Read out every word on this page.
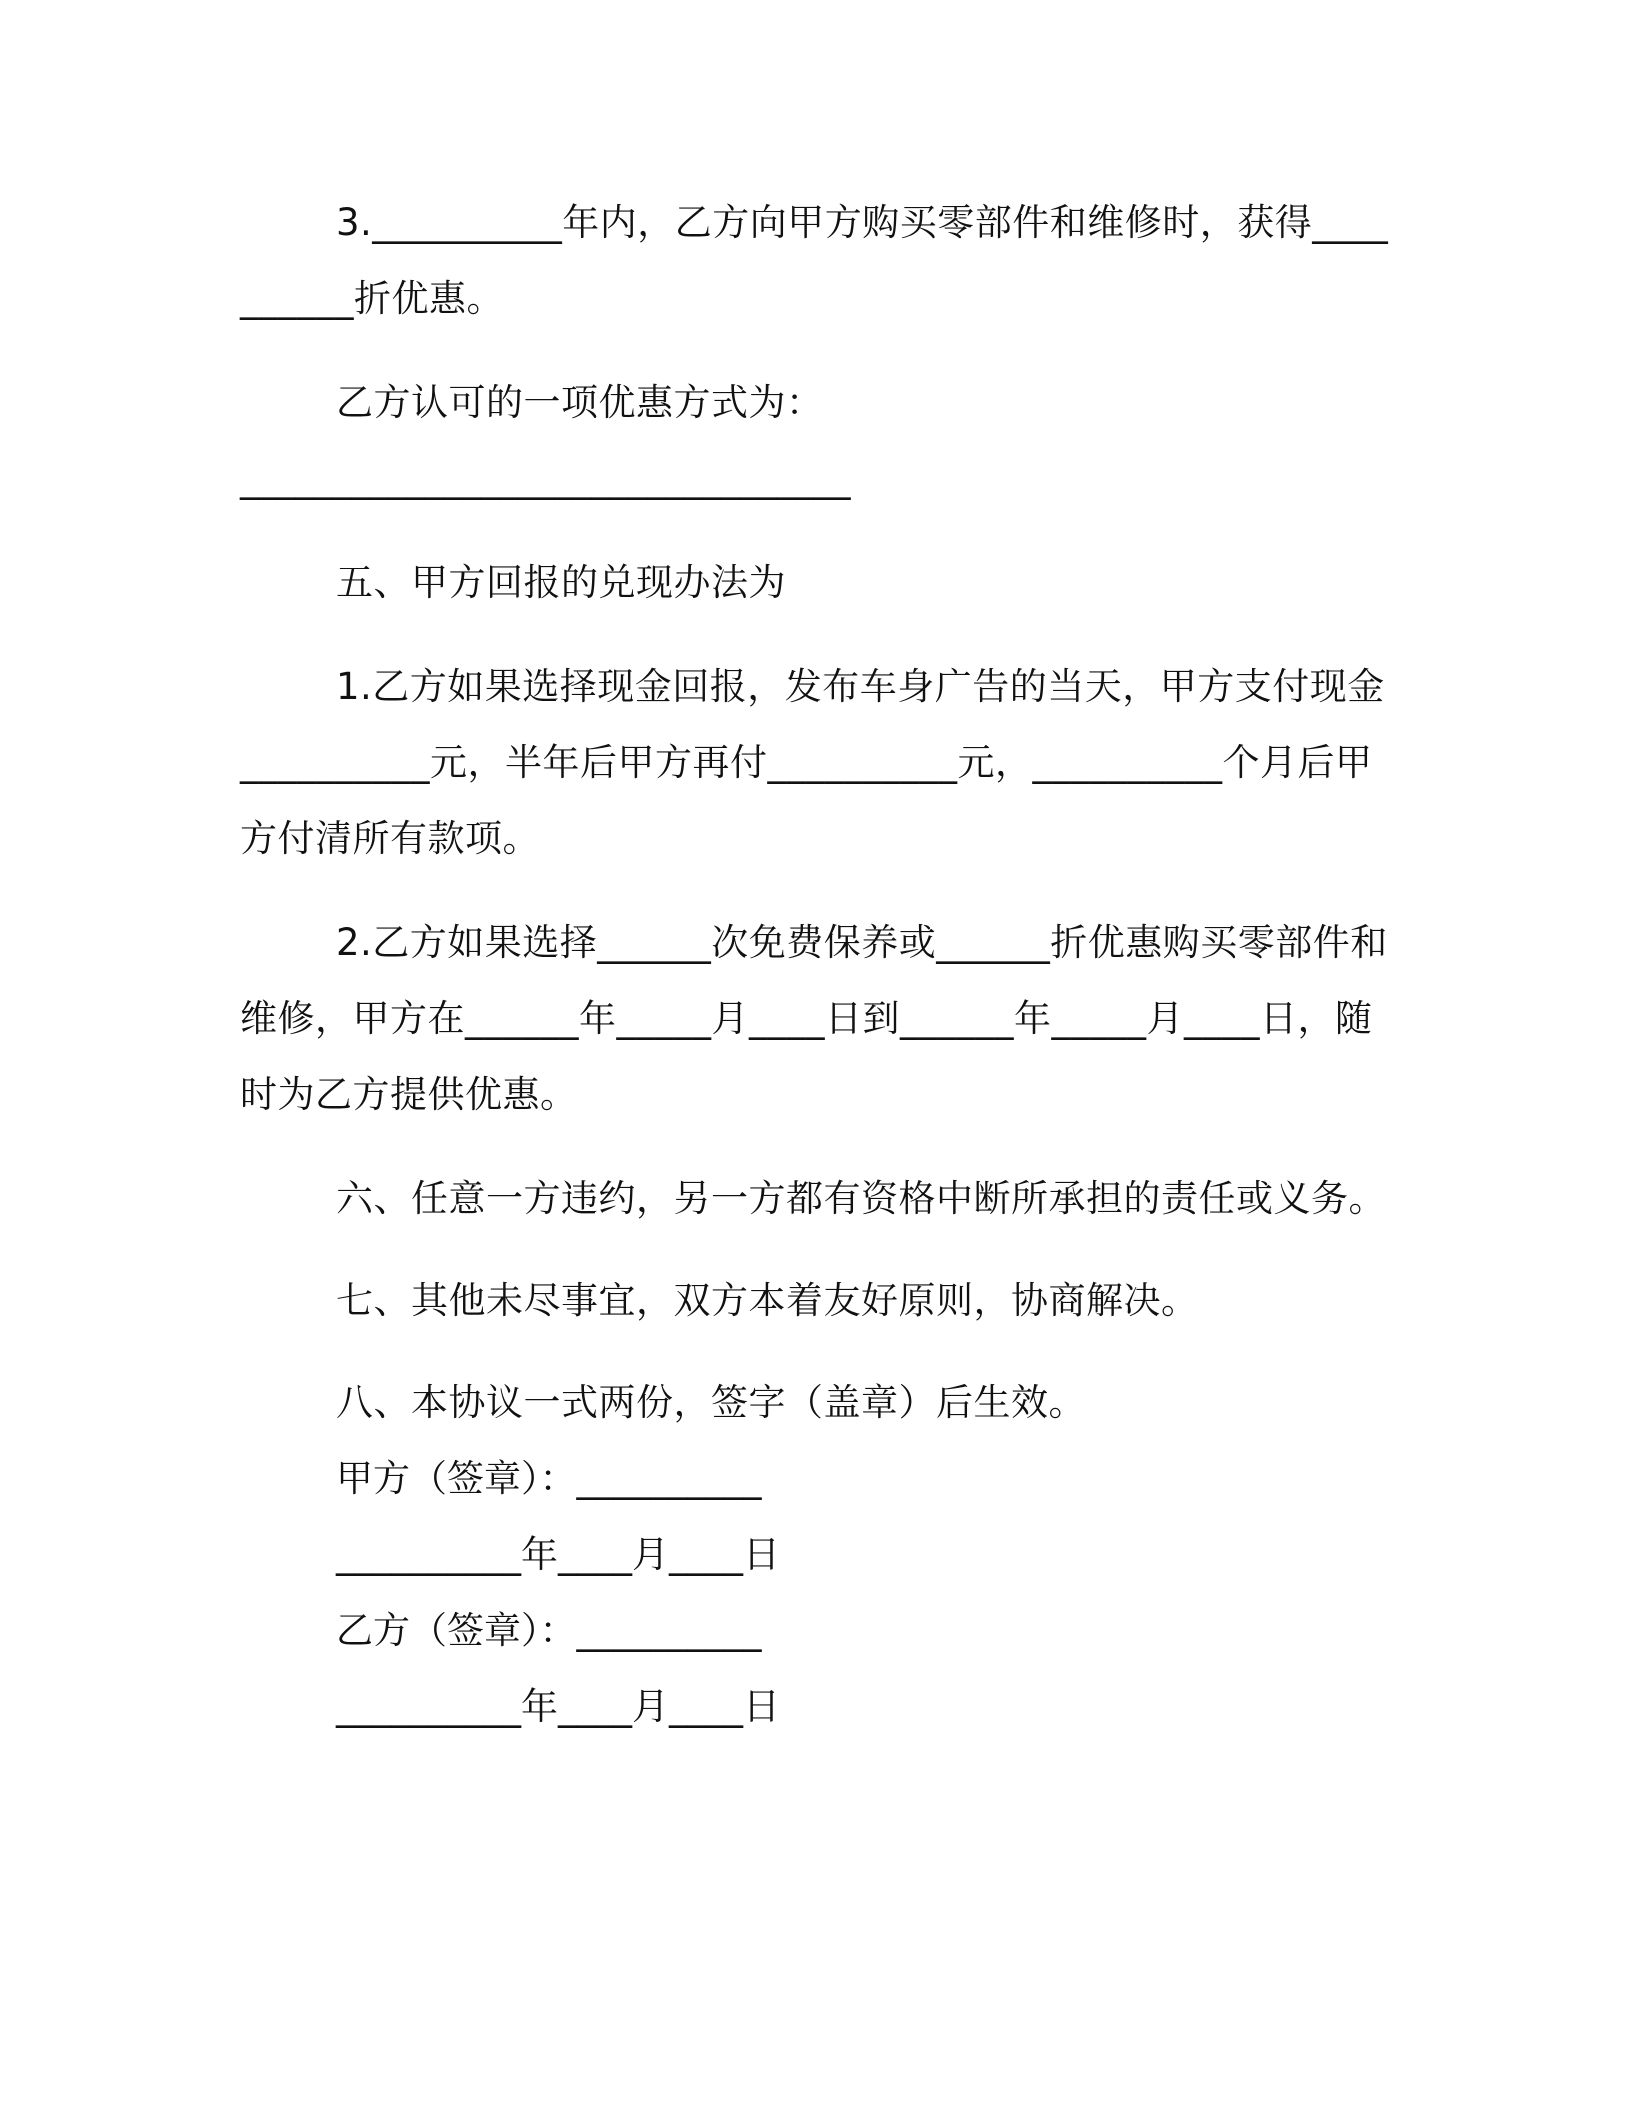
3.__________年内，乙方向甲方购买零部件和维修时，获得__________折优惠。

乙方认可的一项优惠方式为：

_________________________________

五、甲方回报的兑现办法为

1.乙方如果选择现金回报，发布车身广告的当天，甲方支付现金__________元，半年后甲方再付__________元，__________个月后甲方付清所有款项。

2.乙方如果选择______次免费保养或______折优惠购买零部件和维修，甲方在______年_____月____日到______年_____月____日，随时为乙方提供优惠。

六、任意一方违约，另一方都有资格中断所承担的责任或义务。

七、其他未尽事宜，双方本着友好原则，协商解决。

八、本协议一式两份，签字（盖章）后生效。

甲方（签章）：__________

__________年____月____日

乙方（签章）：__________

__________年____月____日
